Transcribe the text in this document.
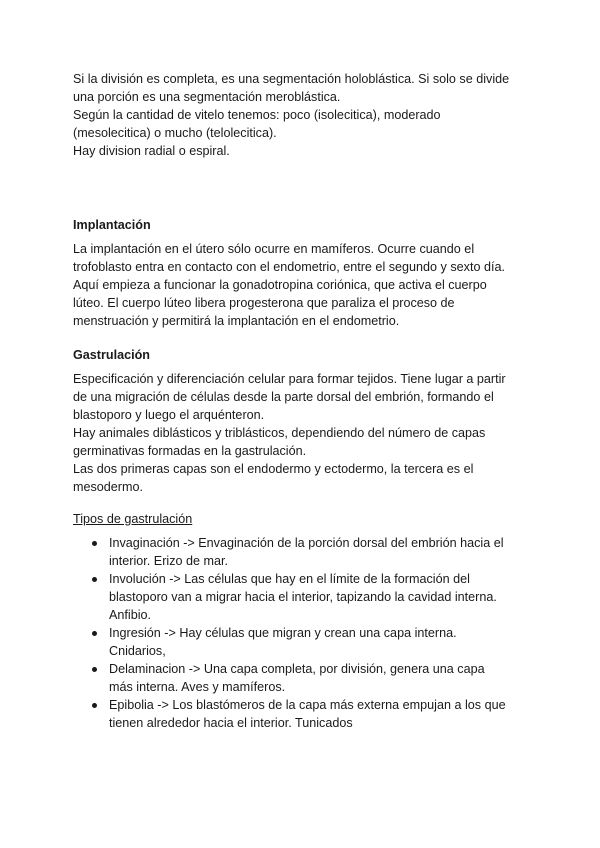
Si la división es completa, es una segmentación holoblástica. Si solo se divide
una porción es una segmentación meroblástica.
Según la cantidad de vitelo tenemos: poco (isolecitica), moderado
(mesolecitica) o mucho (telolecitica).
Hay division radial o espiral.

Implantación

La implantación en el útero sólo ocurre en mamíferos. Ocurre cuando el
trofoblasto entra en contacto con el endometrio, entre el segundo y sexto día.
Aquí empieza a funcionar la gonadotropina coriónica, que activa el cuerpo
lúteo. El cuerpo lúteo libera progesterona que paraliza el proceso de
menstruación y permitirá la implantación en el endometrio.

Gastrulación

Especificación y diferenciación celular para formar tejidos. Tiene lugar a partir
de una migración de células desde la parte dorsal del embrión, formando el
blastoporo y luego el arquénteron.
Hay animales diblásticos y triblásticos, dependiendo del número de capas
germinativas formadas en la gastrulación.
Las dos primeras capas son el endodermo y ectodermo, la tercera es el
mesodermo.

Tipos de gastrulación

Invaginación -> Envaginación de la porción dorsal del embrión hacia el
interior. Erizo de mar.
Involución -> Las células que hay en el límite de la formación del
blastoporo van a migrar hacia el interior, tapizando la cavidad interna.
Anfibio.
Ingresión -> Hay células que migran y crean una capa interna.
Cnidarios,
Delaminacion -> Una capa completa, por división, genera una capa
más interna. Aves y mamíferos.
Epibolia -> Los blastómeros de la capa más externa empujan a los que
tienen alrededor hacia el interior. Tunicados
